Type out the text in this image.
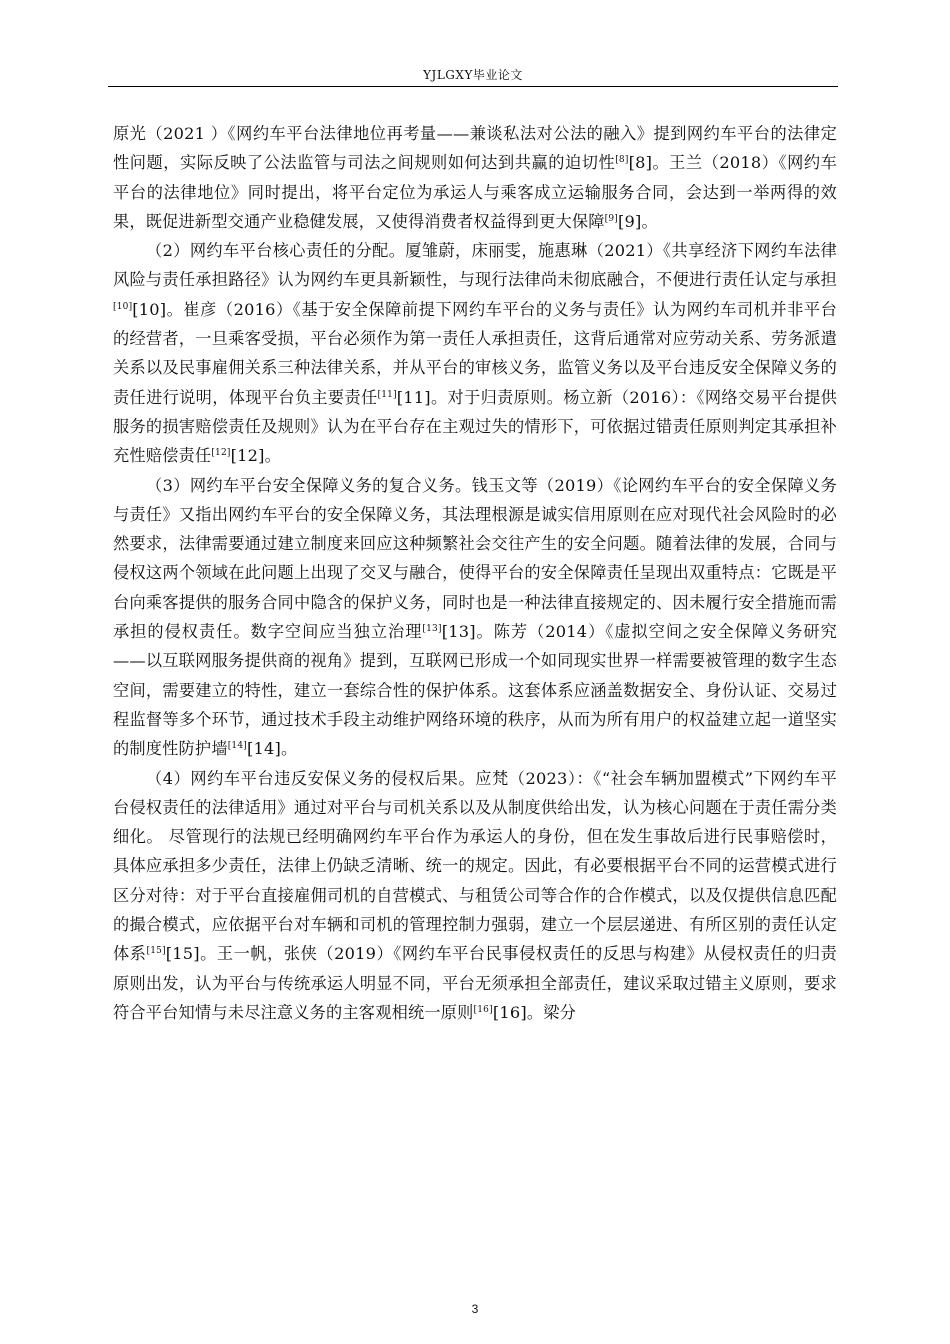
YJLGXY毕业论文

原光（2021 ）《网约车平台法律地位再考量——兼谈私法对公法的融入》提到网约车平台的法律定性问题，实际反映了公法监管与司法之间规则如何达到共赢的迫切性[8][8]。王兰（2018）《网约车平台的法律地位》同时提出，将平台定位为承运人与乘客成立运输服务合同，会达到一举两得的效果，既促进新型交通产业稳健发展，又使得消费者权益得到更大保障[9][9]。

（2）网约车平台核心责任的分配。厦雏蔚，床丽雯，施惠琳（2021）《共享经济下网约车法律风险与责任承担路径》认为网约车更具新颖性，与现行法律尚未彻底融合，不便进行责任认定与承担[10][10]。崔彦（2016）《基于安全保障前提下网约车平台的义务与责任》认为网约车司机并非平台的经营者，一旦乘客受损，平台必须作为第一责任人承担责任，这背后通常对应劳动关系、劳务派遣关系以及民事雇佣关系三种法律关系，并从平台的审核义务，监管义务以及平台违反安全保障义务的责任进行说明，体现平台负主要责任[11][11]。对于归责原则。杨立新（2016）：《网络交易平台提供服务的损害赔偿责任及规则》认为在平台存在主观过失的情形下，可依据过错责任原则判定其承担补充性赔偿责任[12][12]。

（3）网约车平台安全保障义务的复合义务。钱玉文等（2019）《论网约车平台的安全保障义务与责任》又指出网约车平台的安全保障义务，其法理根源是诚实信用原则在应对现代社会风险时的必然要求，法律需要通过建立制度来回应这种频繁社会交往产生的安全问题。随着法律的发展，合同与侵权这两个领域在此问题上出现了交叉与融合，使得平台的安全保障责任呈现出双重特点：它既是平台向乘客提供的服务合同中隐含的保护义务，同时也是一种法律直接规定的、因未履行安全措施而需承担的侵权责任。数字空间应当独立治理[13][13]。陈芳（2014）《虚拟空间之安全保障义务研究——以互联网服务提供商的视角》提到，互联网已形成一个如同现实世界一样需要被管理的数字生态空间，需要建立的特性，建立一套综合性的保护体系。这套体系应涵盖数据安全、身份认证、交易过程监督等多个环节，通过技术手段主动维护网络环境的秩序，从而为所有用户的权益建立起一道坚实的制度性防护墙[14][14]。

（4）网约车平台违反安保义务的侵权后果。应梵（2023）：《“社会车辆加盟模式”下网约车平台侵权责任的法律适用》通过对平台与司机关系以及从制度供给出发，认为核心问题在于责任需分类细化。 尽管现行的法规已经明确网约车平台作为承运人的身份，但在发生事故后进行民事赔偿时，具体应承担多少责任，法律上仍缺乏清晰、统一的规定。因此，有必要根据平台不同的运营模式进行区分对待：对于平台直接雇佣司机的自营模式、与租赁公司等合作的合作模式，以及仅提供信息匹配的撮合模式，应依据平台对车辆和司机的管理控制力强弱，建立一个层层递进、有所区别的责任认定体系[15][15]。王一帆，张侠（2019）《网约车平台民事侵权责任的反思与构建》从侵权责任的归责原则出发，认为平台与传统承运人明显不同，平台无须承担全部责任，建议采取过错主义原则，要求符合平台知情与未尽注意义务的主客观相统一原则[16][16]。梁分

3
